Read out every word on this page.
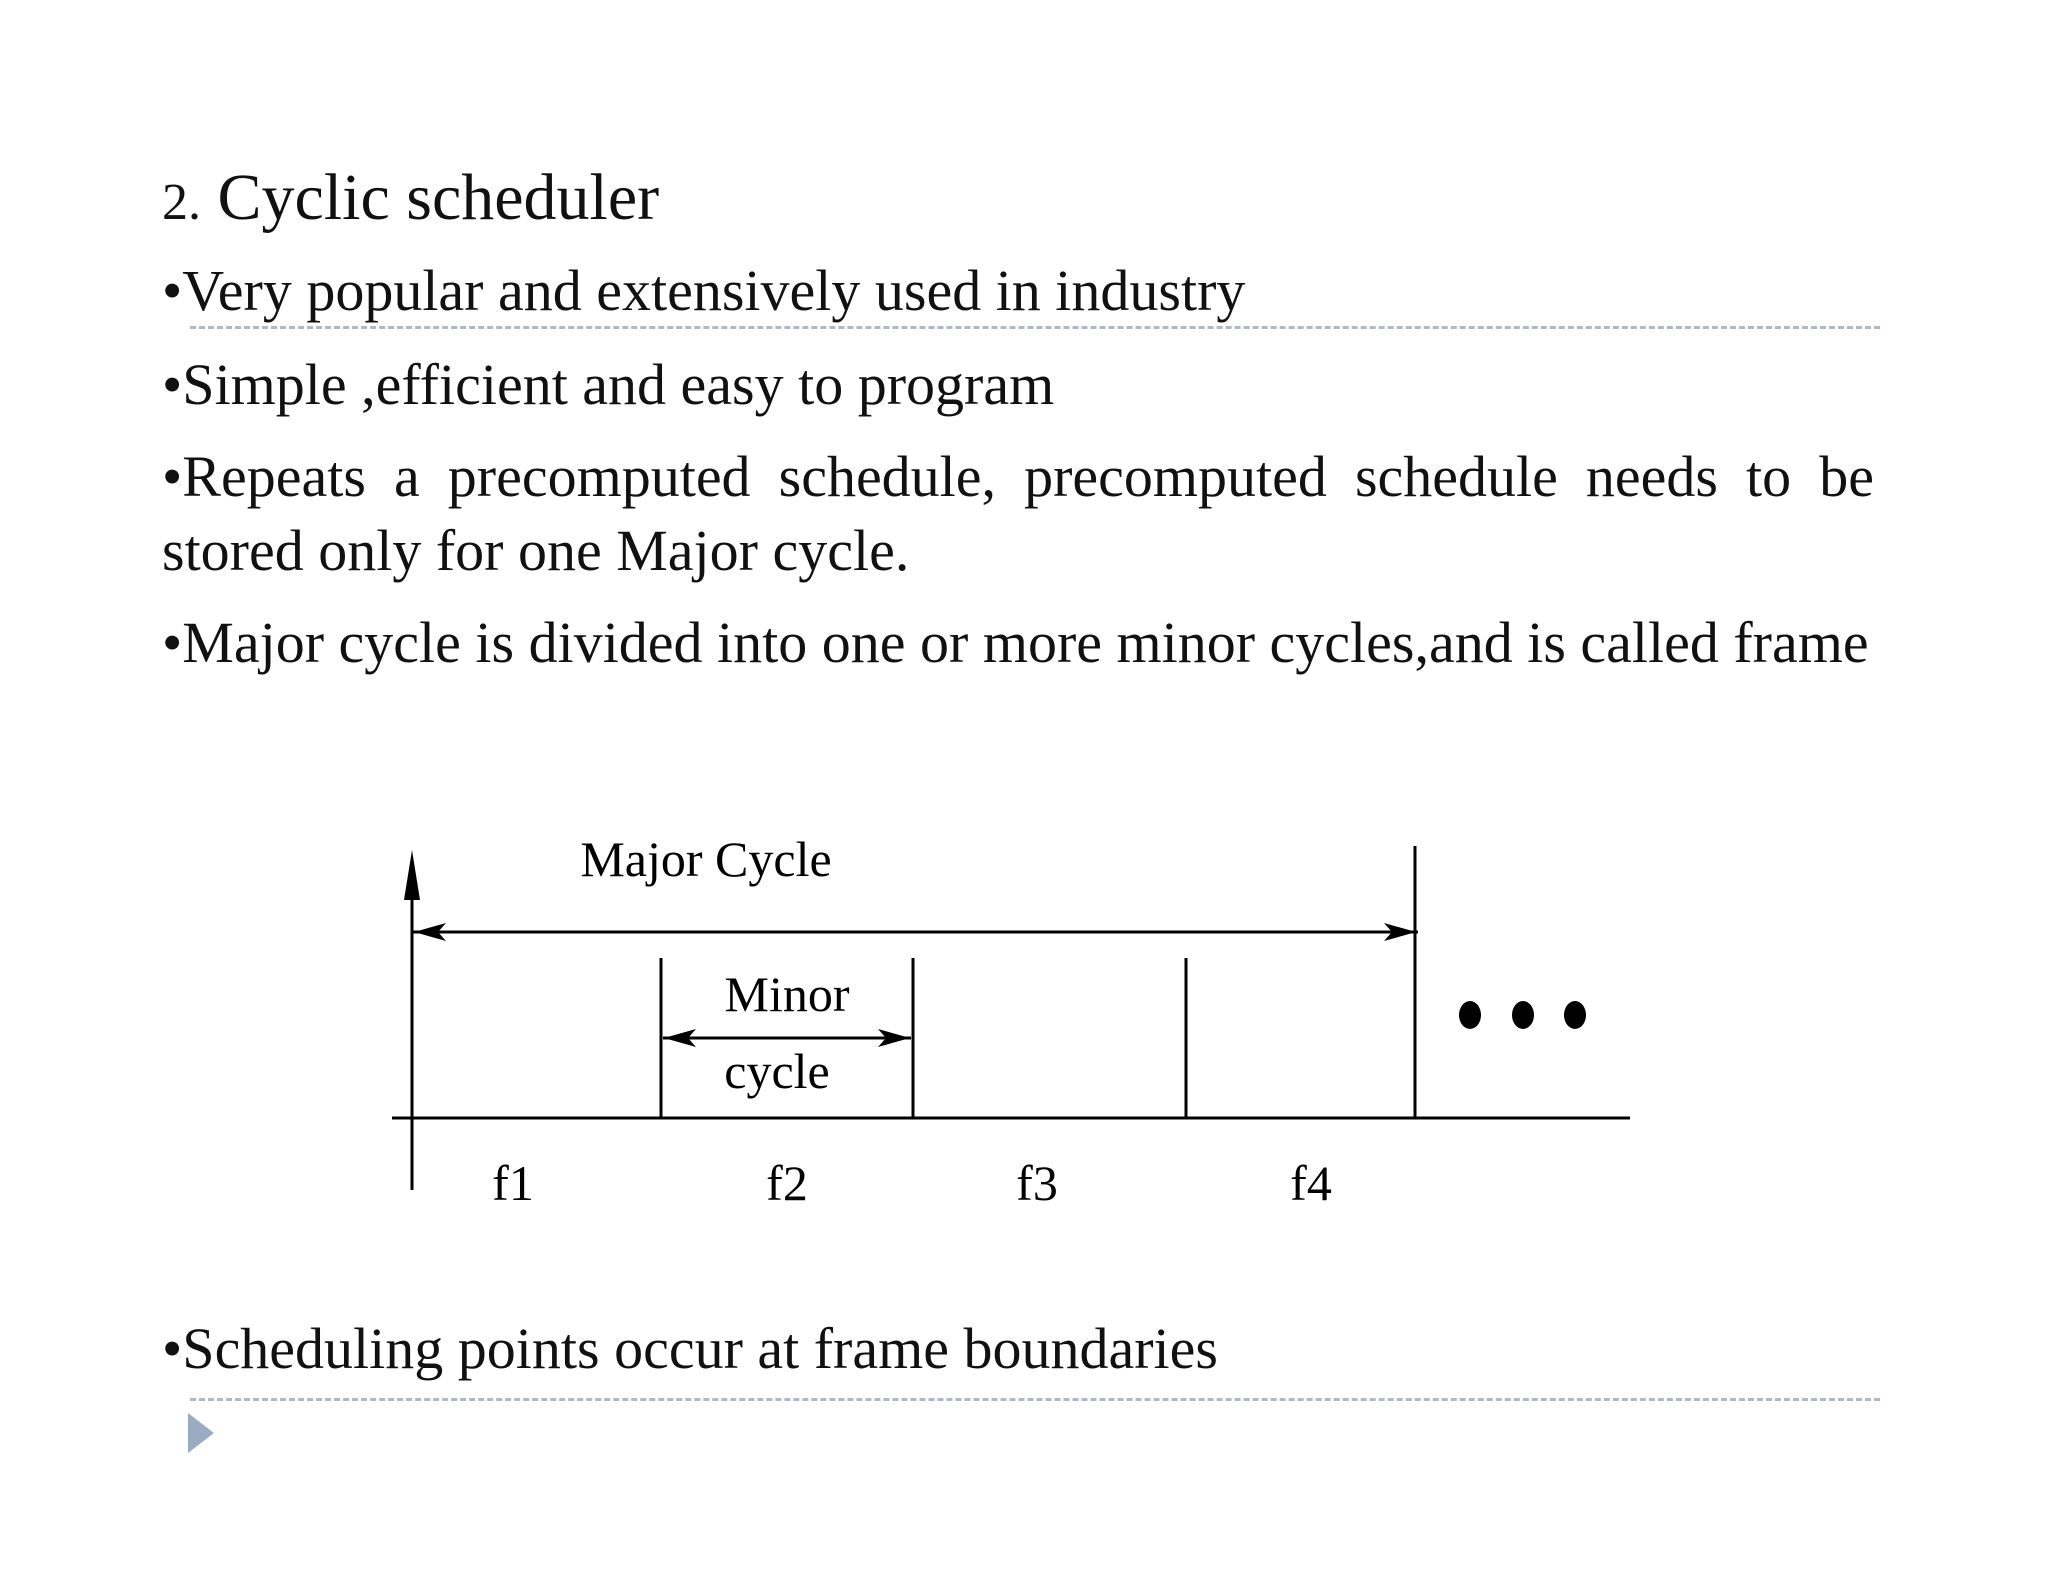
2. Cyclic scheduler
•Very popular and extensively used in industry
•Simple ,efficient and easy to program
•Repeats a precomputed schedule, precomputed schedule needs to be stored only for one Major cycle.
•Major cycle is divided into one or more minor cycles,and is called frame
Major Cycle
Minor
cycle
f1	f2	f3	f4
•Scheduling points occur at frame boundaries
